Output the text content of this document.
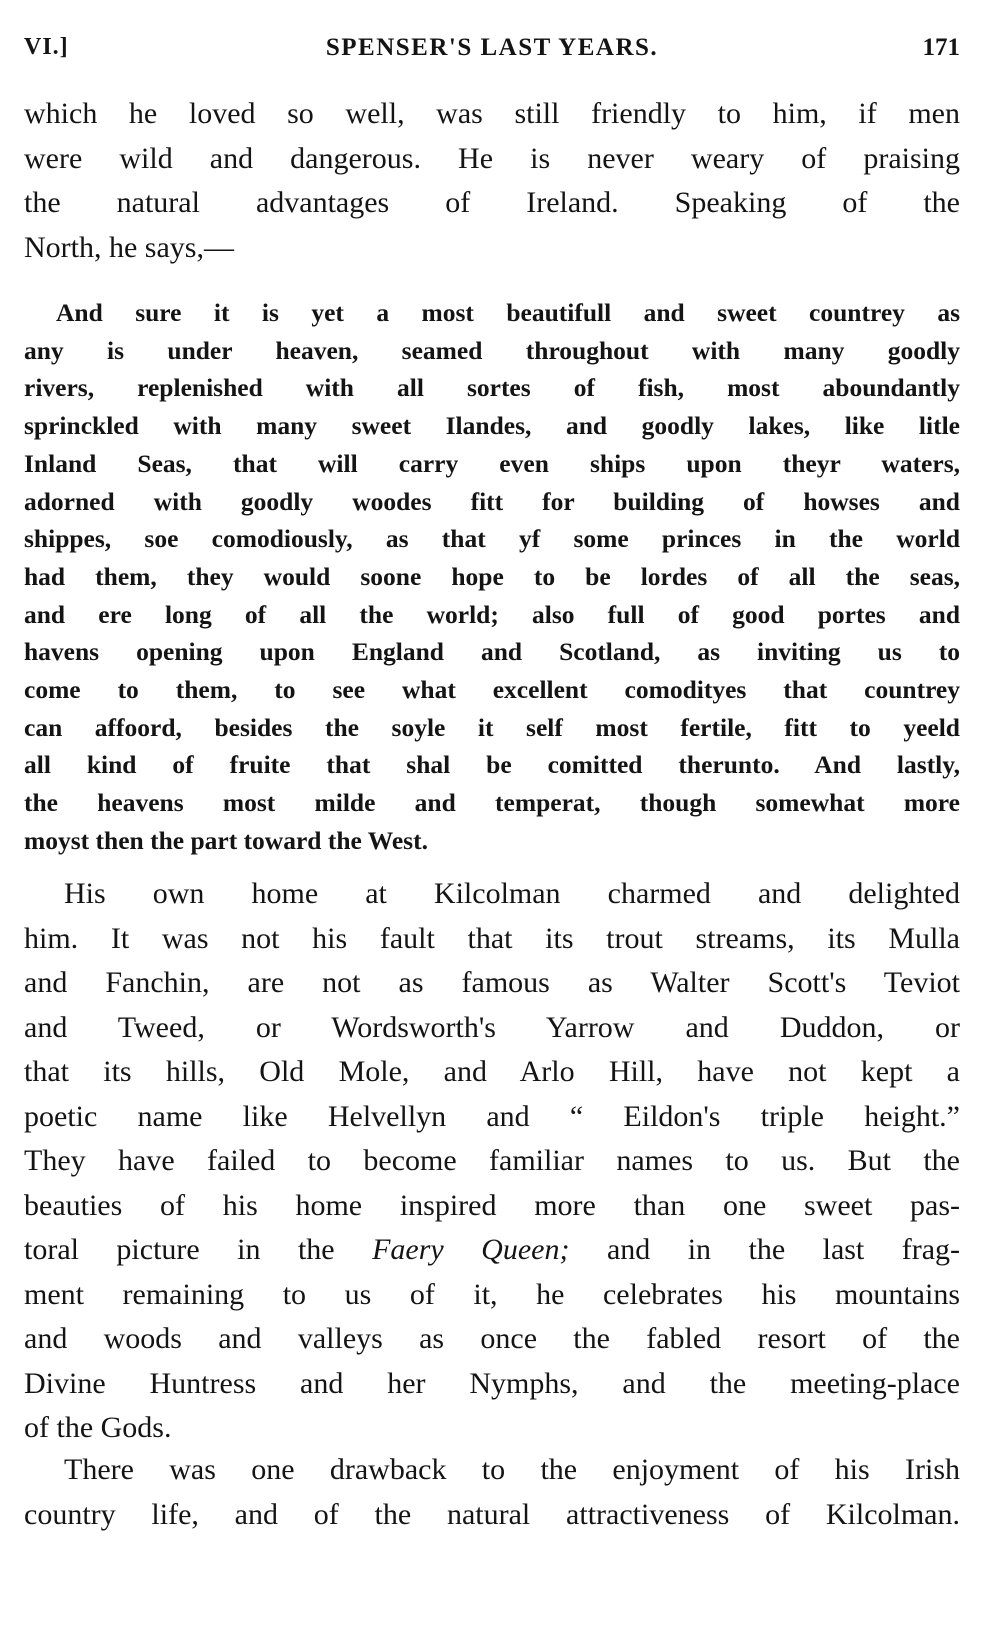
VI.]	SPENSER'S LAST YEARS.	171

which he loved so well, was still friendly to him, if men
were wild and dangerous. He is never weary of praising
the natural advantages of Ireland. Speaking of the
North, he says,—

And sure it is yet a most beautifull and sweet countrey as
any is under heaven, seamed throughout with many goodly
rivers, replenished with all sortes of fish, most aboundantly
sprinckled with many sweet Ilandes, and goodly lakes, like litle
Inland Seas, that will carry even ships upon theyr waters,
adorned with goodly woodes fitt for building of howses and
shippes, soe comodiously, as that yf some princes in the world
had them, they would soone hope to be lordes of all the seas,
and ere long of all the world; also full of good portes and
havens opening upon England and Scotland, as inviting us to
come to them, to see what excellent comodityes that countrey
can affoord, besides the soyle it self most fertile, fitt to yeeld
all kind of fruite that shal be comitted therunto. And lastly,
the heavens most milde and temperat, though somewhat more
moyst then the part toward the West.

His own home at Kilcolman charmed and delighted
him. It was not his fault that its trout streams, its Mulla
and Fanchin, are not as famous as Walter Scott's Teviot
and Tweed, or Wordsworth's Yarrow and Duddon, or
that its hills, Old Mole, and Arlo Hill, have not kept a
poetic name like Helvellyn and “ Eildon's triple height.”
They have failed to become familiar names to us. But the
beauties of his home inspired more than one sweet pas-
toral picture in the Faery Queen; and in the last frag-
ment remaining to us of it, he celebrates his mountains
and woods and valleys as once the fabled resort of the
Divine Huntress and her Nymphs, and the meeting-place
of the Gods.

There was one drawback to the enjoyment of his Irish
country life, and of the natural attractiveness of Kilcolman.
